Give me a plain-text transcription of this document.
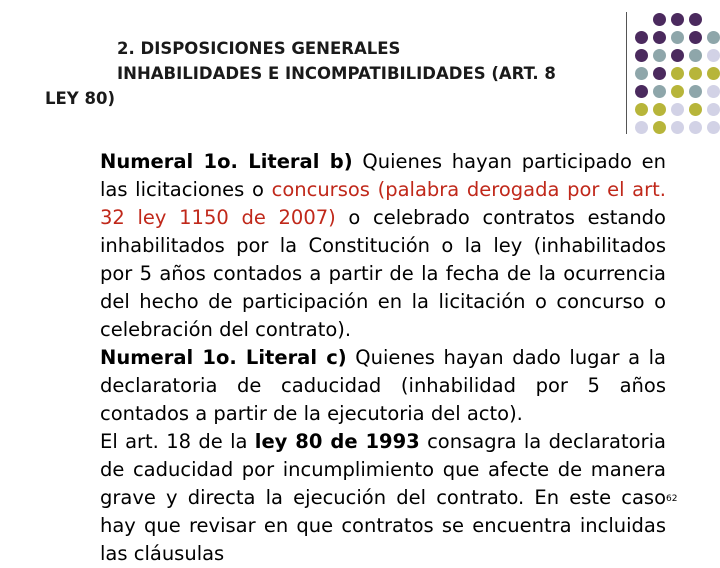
2. DISPOSICIONES GENERALES
INHABILIDADES E INCOMPATIBILIDADES (ART. 8
LEY 80)

Numeral 1o. Literal b) Quienes hayan participado en las licitaciones o concursos (palabra derogada por el art. 32 ley 1150 de 2007) o celebrado contratos estando inhabilitados por la Constitución o la ley (inhabilitados por 5 años contados a partir de la fecha de la ocurrencia del hecho de participación en la licitación o concurso o celebración del contrato).

Numeral 1o. Literal c) Quienes hayan dado lugar a la declaratoria de caducidad (inhabilidad por 5 años contados a partir de la ejecutoria del acto).

El art. 18 de la ley 80 de 1993 consagra la declaratoria de caducidad por incumplimiento que afecte de manera grave y directa la ejecución del contrato. En este caso hay que revisar en que contratos se encuentra incluidas las cláusulas

62
